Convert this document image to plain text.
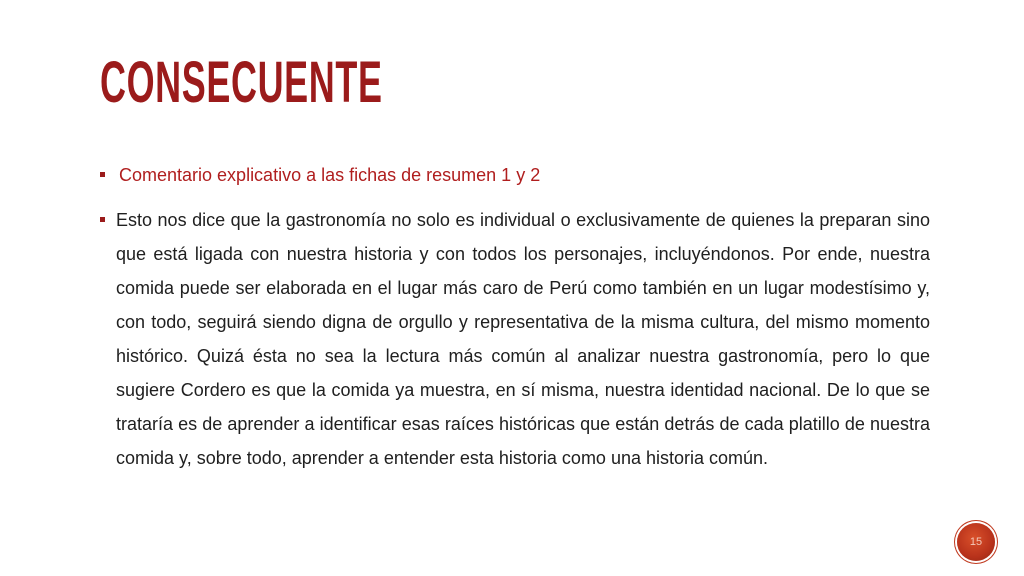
CONSECUENTE
Comentario explicativo a las fichas de resumen 1 y 2
Esto nos dice que la gastronomía no solo es individual o exclusivamente de quienes la preparan sino que está ligada con nuestra historia y con todos los personajes, incluyéndonos. Por ende, nuestra comida puede ser elaborada en el lugar más caro de Perú como también en un lugar modestísimo y, con todo, seguirá siendo digna de orgullo y representativa de la misma cultura, del mismo momento histórico. Quizá ésta no sea la lectura más común al analizar nuestra gastronomía, pero lo que sugiere Cordero es que la comida ya muestra, en sí misma, nuestra identidad nacional. De lo que se trataría es de aprender a identificar esas raíces históricas que están detrás de cada platillo de nuestra comida y, sobre todo, aprender a entender esta historia como una historia común.
15
